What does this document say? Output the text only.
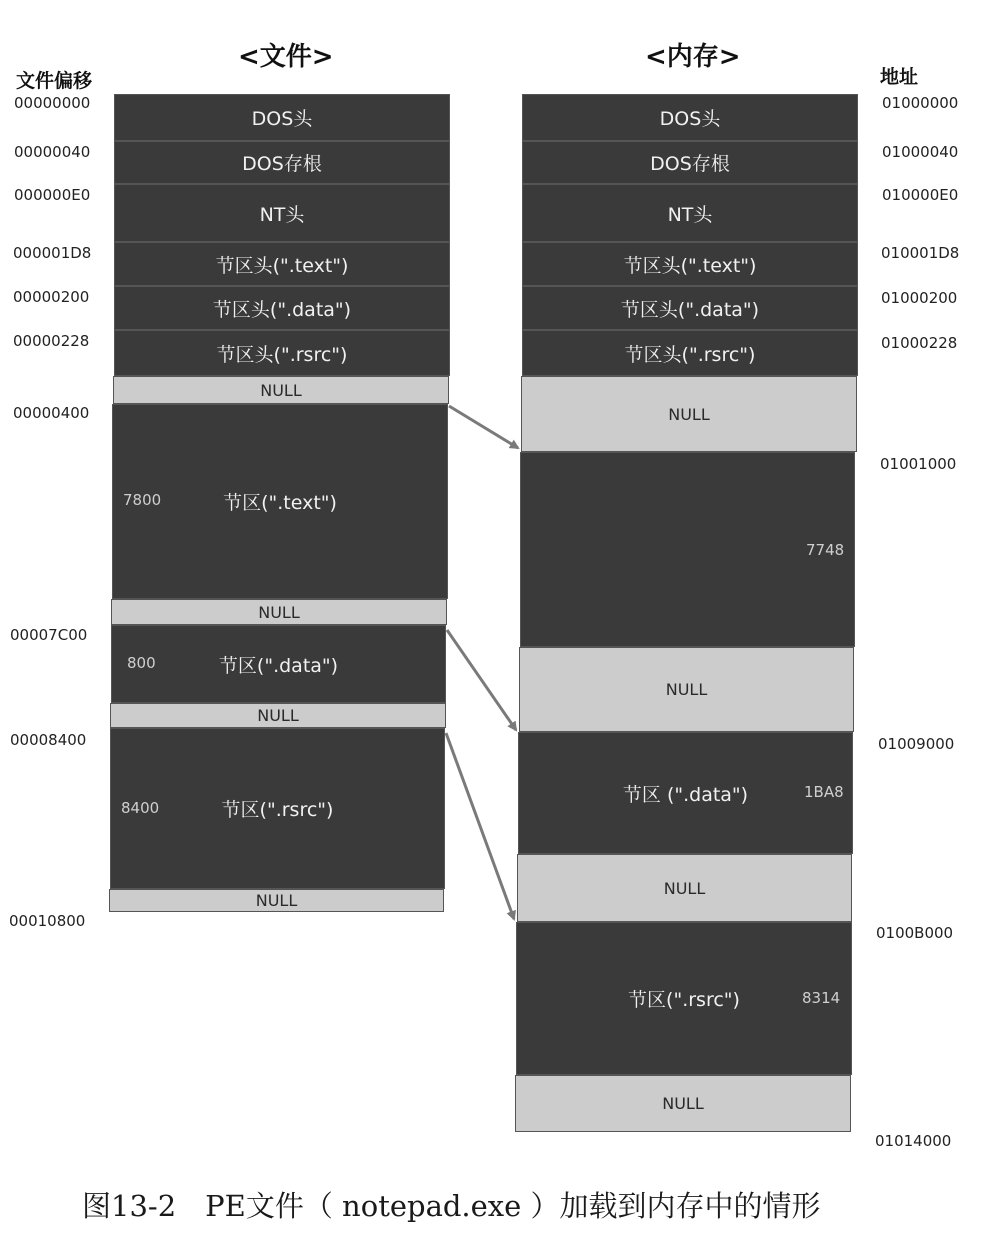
<文件>	<内存>
文件偏移	地址
DOS头
DOS存根
NT头
节区头(".text")
节区头(".data")
节区头(".rsrc")
NULL
7800	节区(".text")
NULL
800	节区(".data")
NULL
8400	节区(".rsrc")
NULL
00000000
00000040
000000E0
000001D8
00000200
00000228
00000400
00007C00
00008400
00010800
DOS头
DOS存根
NT头
节区头(".text")
节区头(".data")
节区头(".rsrc")
NULL
7748
NULL
1BA8
节区 (".data")
NULL
8314
节区(".rsrc")
NULL
01000000
01000040
010000E0
010001D8
01000200
01000228
01001000
01009000
0100B000
01014000
图13-2　PE文件（ notepad.exe ）加载到内存中的情形
